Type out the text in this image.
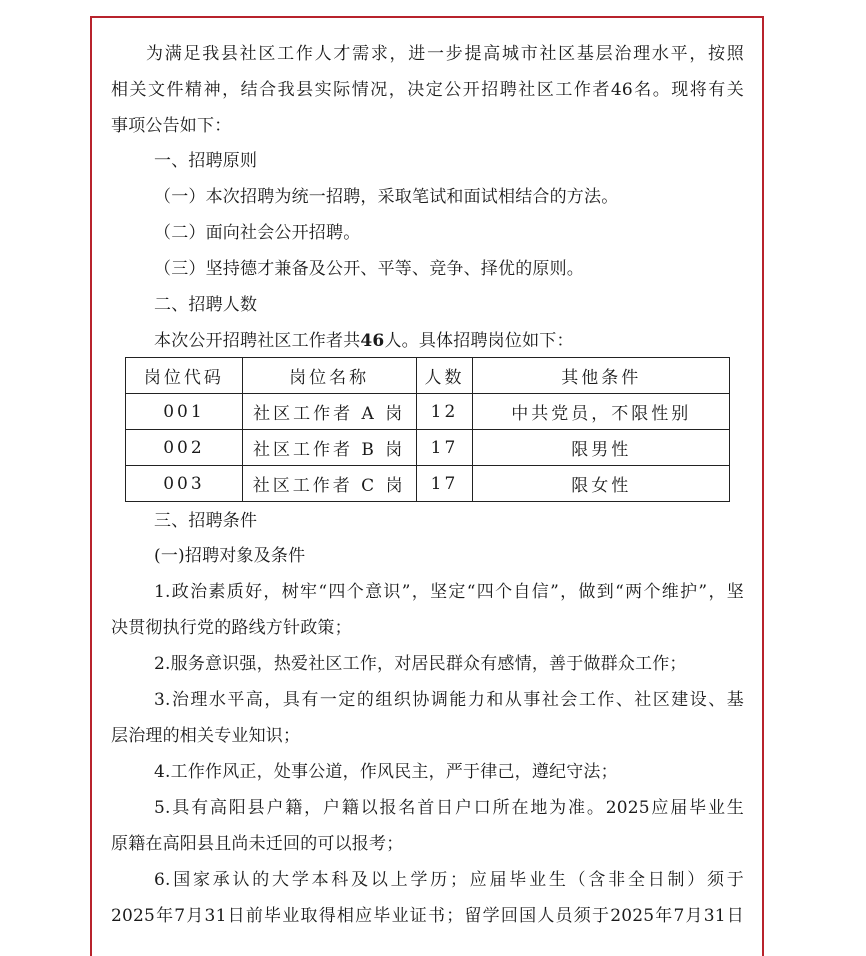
为满足我县社区工作人才需求，进一步提高城市社区基层治理水平，按照
相关文件精神，结合我县实际情况，决定公开招聘社区工作者46名。现将有关
事项公告如下：
一、招聘原则
（一）本次招聘为统一招聘，采取笔试和面试相结合的方法。
（二）面向社会公开招聘。
（三）坚持德才兼备及公开、平等、竞争、择优的原则。
二、招聘人数
本次公开招聘社区工作者共46人。具体招聘岗位如下：
岗位代码	岗位名称	人数	其他条件
001	社区工作者 A 岗	12	中共党员，不限性别
002	社区工作者 B 岗	17	限男性
003	社区工作者 C 岗	17	限女性
三、招聘条件
(一)招聘对象及条件
1.政治素质好，树牢“四个意识”，坚定“四个自信”，做到“两个维护”，坚
决贯彻执行党的路线方针政策；
2.服务意识强，热爱社区工作，对居民群众有感情，善于做群众工作；
3.治理水平高，具有一定的组织协调能力和从事社会工作、社区建设、基
层治理的相关专业知识；
4.工作作风正，处事公道，作风民主，严于律己，遵纪守法；
5.具有高阳县户籍，户籍以报名首日户口所在地为准。2025应届毕业生
原籍在高阳县且尚未迁回的可以报考；
6.国家承认的大学本科及以上学历；应届毕业生（含非全日制）须于
2025年7月31日前毕业取得相应毕业证书；留学回国人员须于2025年7月31日
